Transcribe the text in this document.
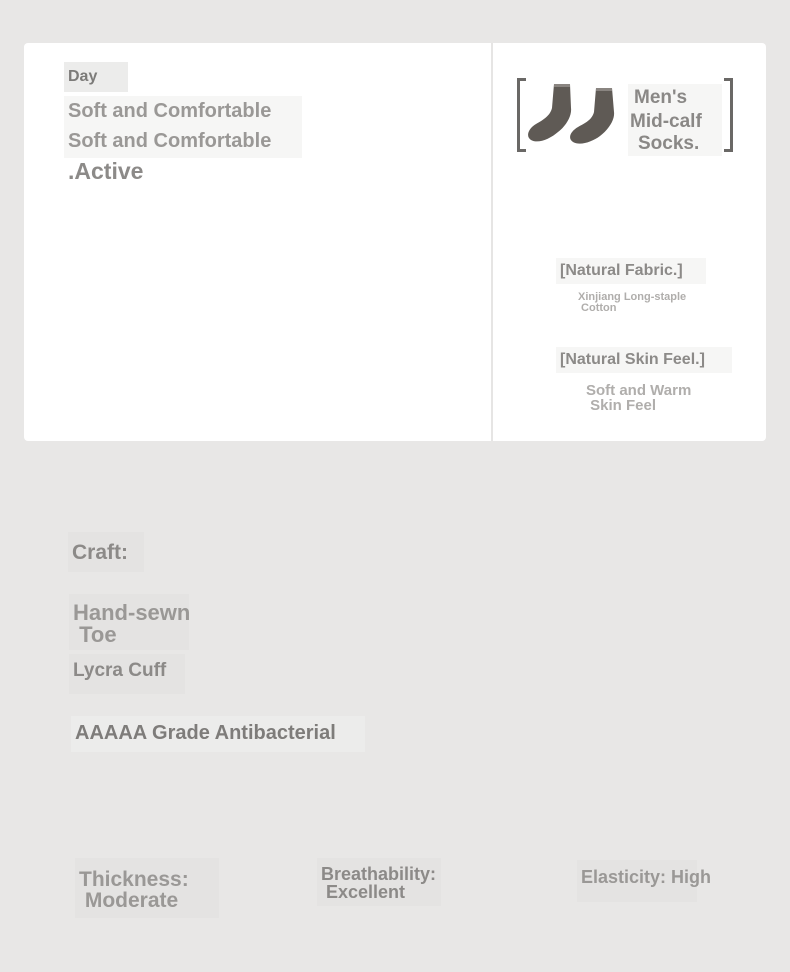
Day

Soft and Comfortable

Soft and Comfortable

.Active

Men's

Mid-calf

Socks.

[Natural Fabric.]

Xinjiang Long-staple
Cotton

[Natural Skin Feel.]

Soft and Warm
Skin Feel

Craft:

Hand-sewn
Toe

Lycra Cuff

AAAAA Grade Antibacterial

Thickness:
Moderate

Breathability:
Excellent

Elasticity: High
